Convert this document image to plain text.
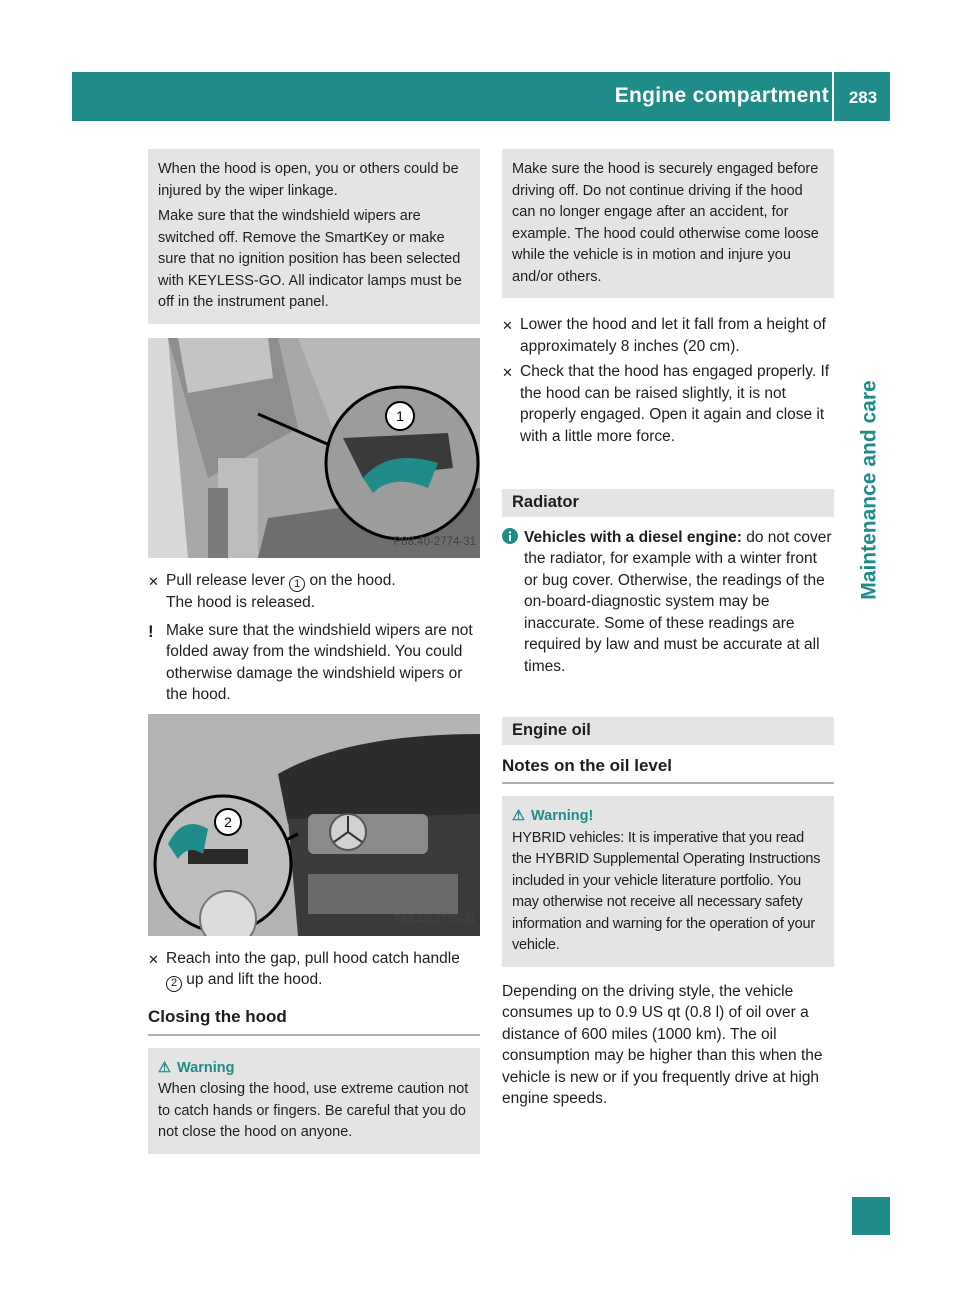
Engine compartment	283
Maintenance and care

When the hood is open, you or others could be injured by the wiper linkage.

Make sure that the windshield wipers are switched off. Remove the SmartKey or make sure that no ignition position has been selected with KEYLESS-GO. All indicator lamps must be off in the instrument panel.

1
P88.40-2774-31
✕ Pull release lever 1 on the hood.
The hood is released.
! Make sure that the windshield wipers are not folded away from the windshield. You could otherwise damage the windshield wipers or the hood.
2
P88.40-2776-31
✕ Reach into the gap, pull hood catch handle 2 up and lift the hood.
Closing the hood
⚠ Warning

When closing the hood, use extreme caution not to catch hands or fingers. Be careful that you do not close the hood on anyone.

Make sure the hood is securely engaged before driving off. Do not continue driving if the hood can no longer engage after an accident, for example. The hood could otherwise come loose while the vehicle is in motion and injure you and/or others.

✕ Lower the hood and let it fall from a height of approximately 8 inches (20 cm).
✕ Check that the hood has engaged properly. If the hood can be raised slightly, it is not properly engaged. Open it again and close it with a little more force.
Radiator
Vehicles with a diesel engine: do not cover the radiator, for example with a winter front or bug cover. Otherwise, the readings of the on-board-diagnostic system may be inaccurate. Some of these readings are required by law and must be accurate at all times.
Engine oil
Notes on the oil level
⚠ Warning!

HYBRID vehicles: It is imperative that you read the HYBRID Supplemental Operating Instructions included in your vehicle literature portfolio. You may otherwise not receive all necessary safety information and warning for the operation of your vehicle.

Depending on the driving style, the vehicle consumes up to 0.9 US qt (0.8 l) of oil over a distance of 600 miles (1000 km). The oil consumption may be higher than this when the vehicle is new or if you frequently drive at high engine speeds.
